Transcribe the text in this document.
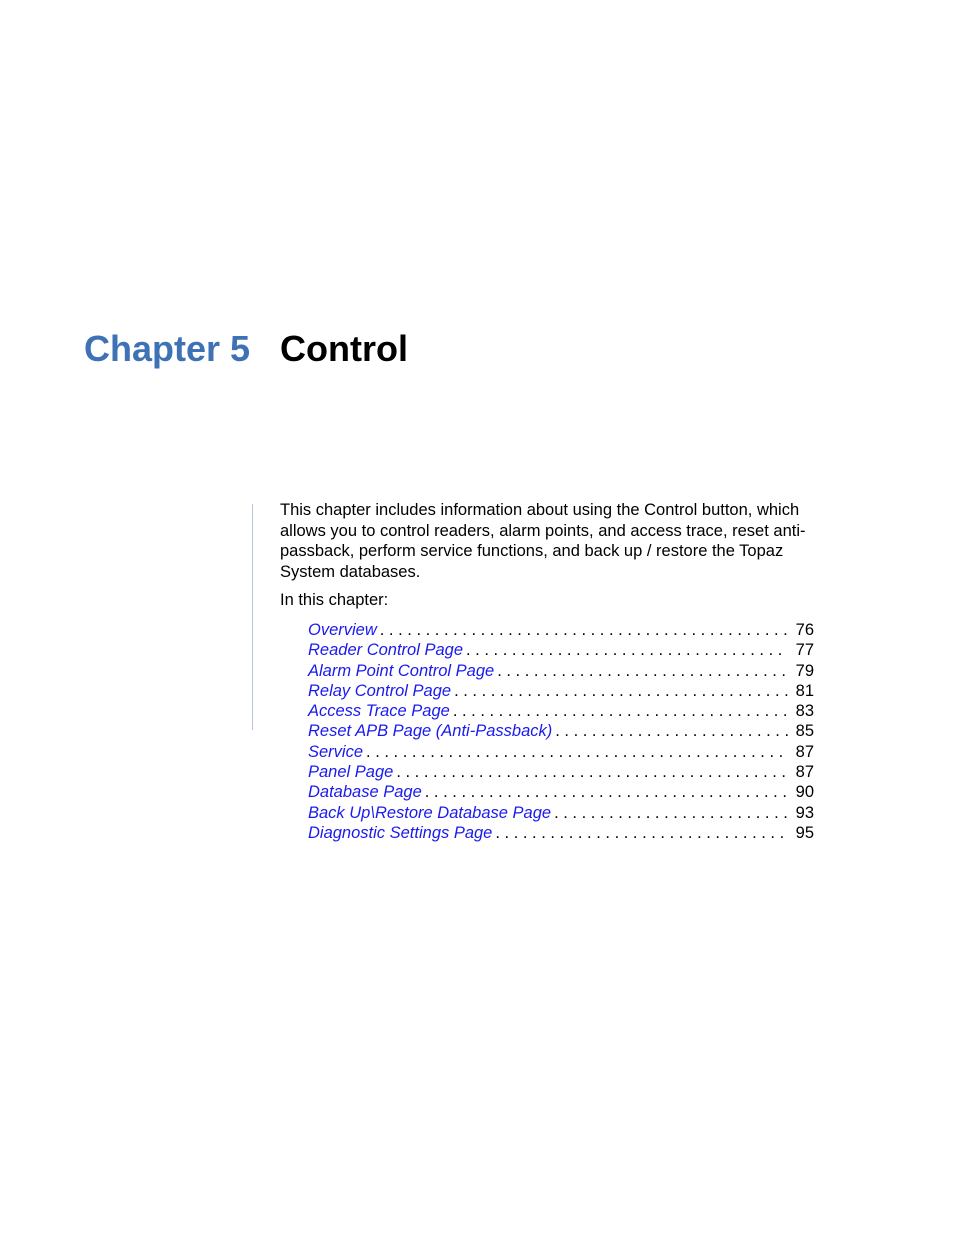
Chapter 5 Control

This chapter includes information about using the Control button, which allows you to control readers, alarm points, and access trace, reset anti-passback, perform service functions, and back up / restore the Topaz System databases.

In this chapter:

Overview . . .	76
Reader Control Page . . .	77
Alarm Point Control Page . . .	79
Relay Control Page . . .	81
Access Trace Page . . .	83
Reset APB Page (Anti-Passback) . . .	85
Service . . .	87
Panel Page . . .	87
Database Page . . .	90
Back Up\Restore Database Page . . .	93
Diagnostic Settings Page . . .	95
